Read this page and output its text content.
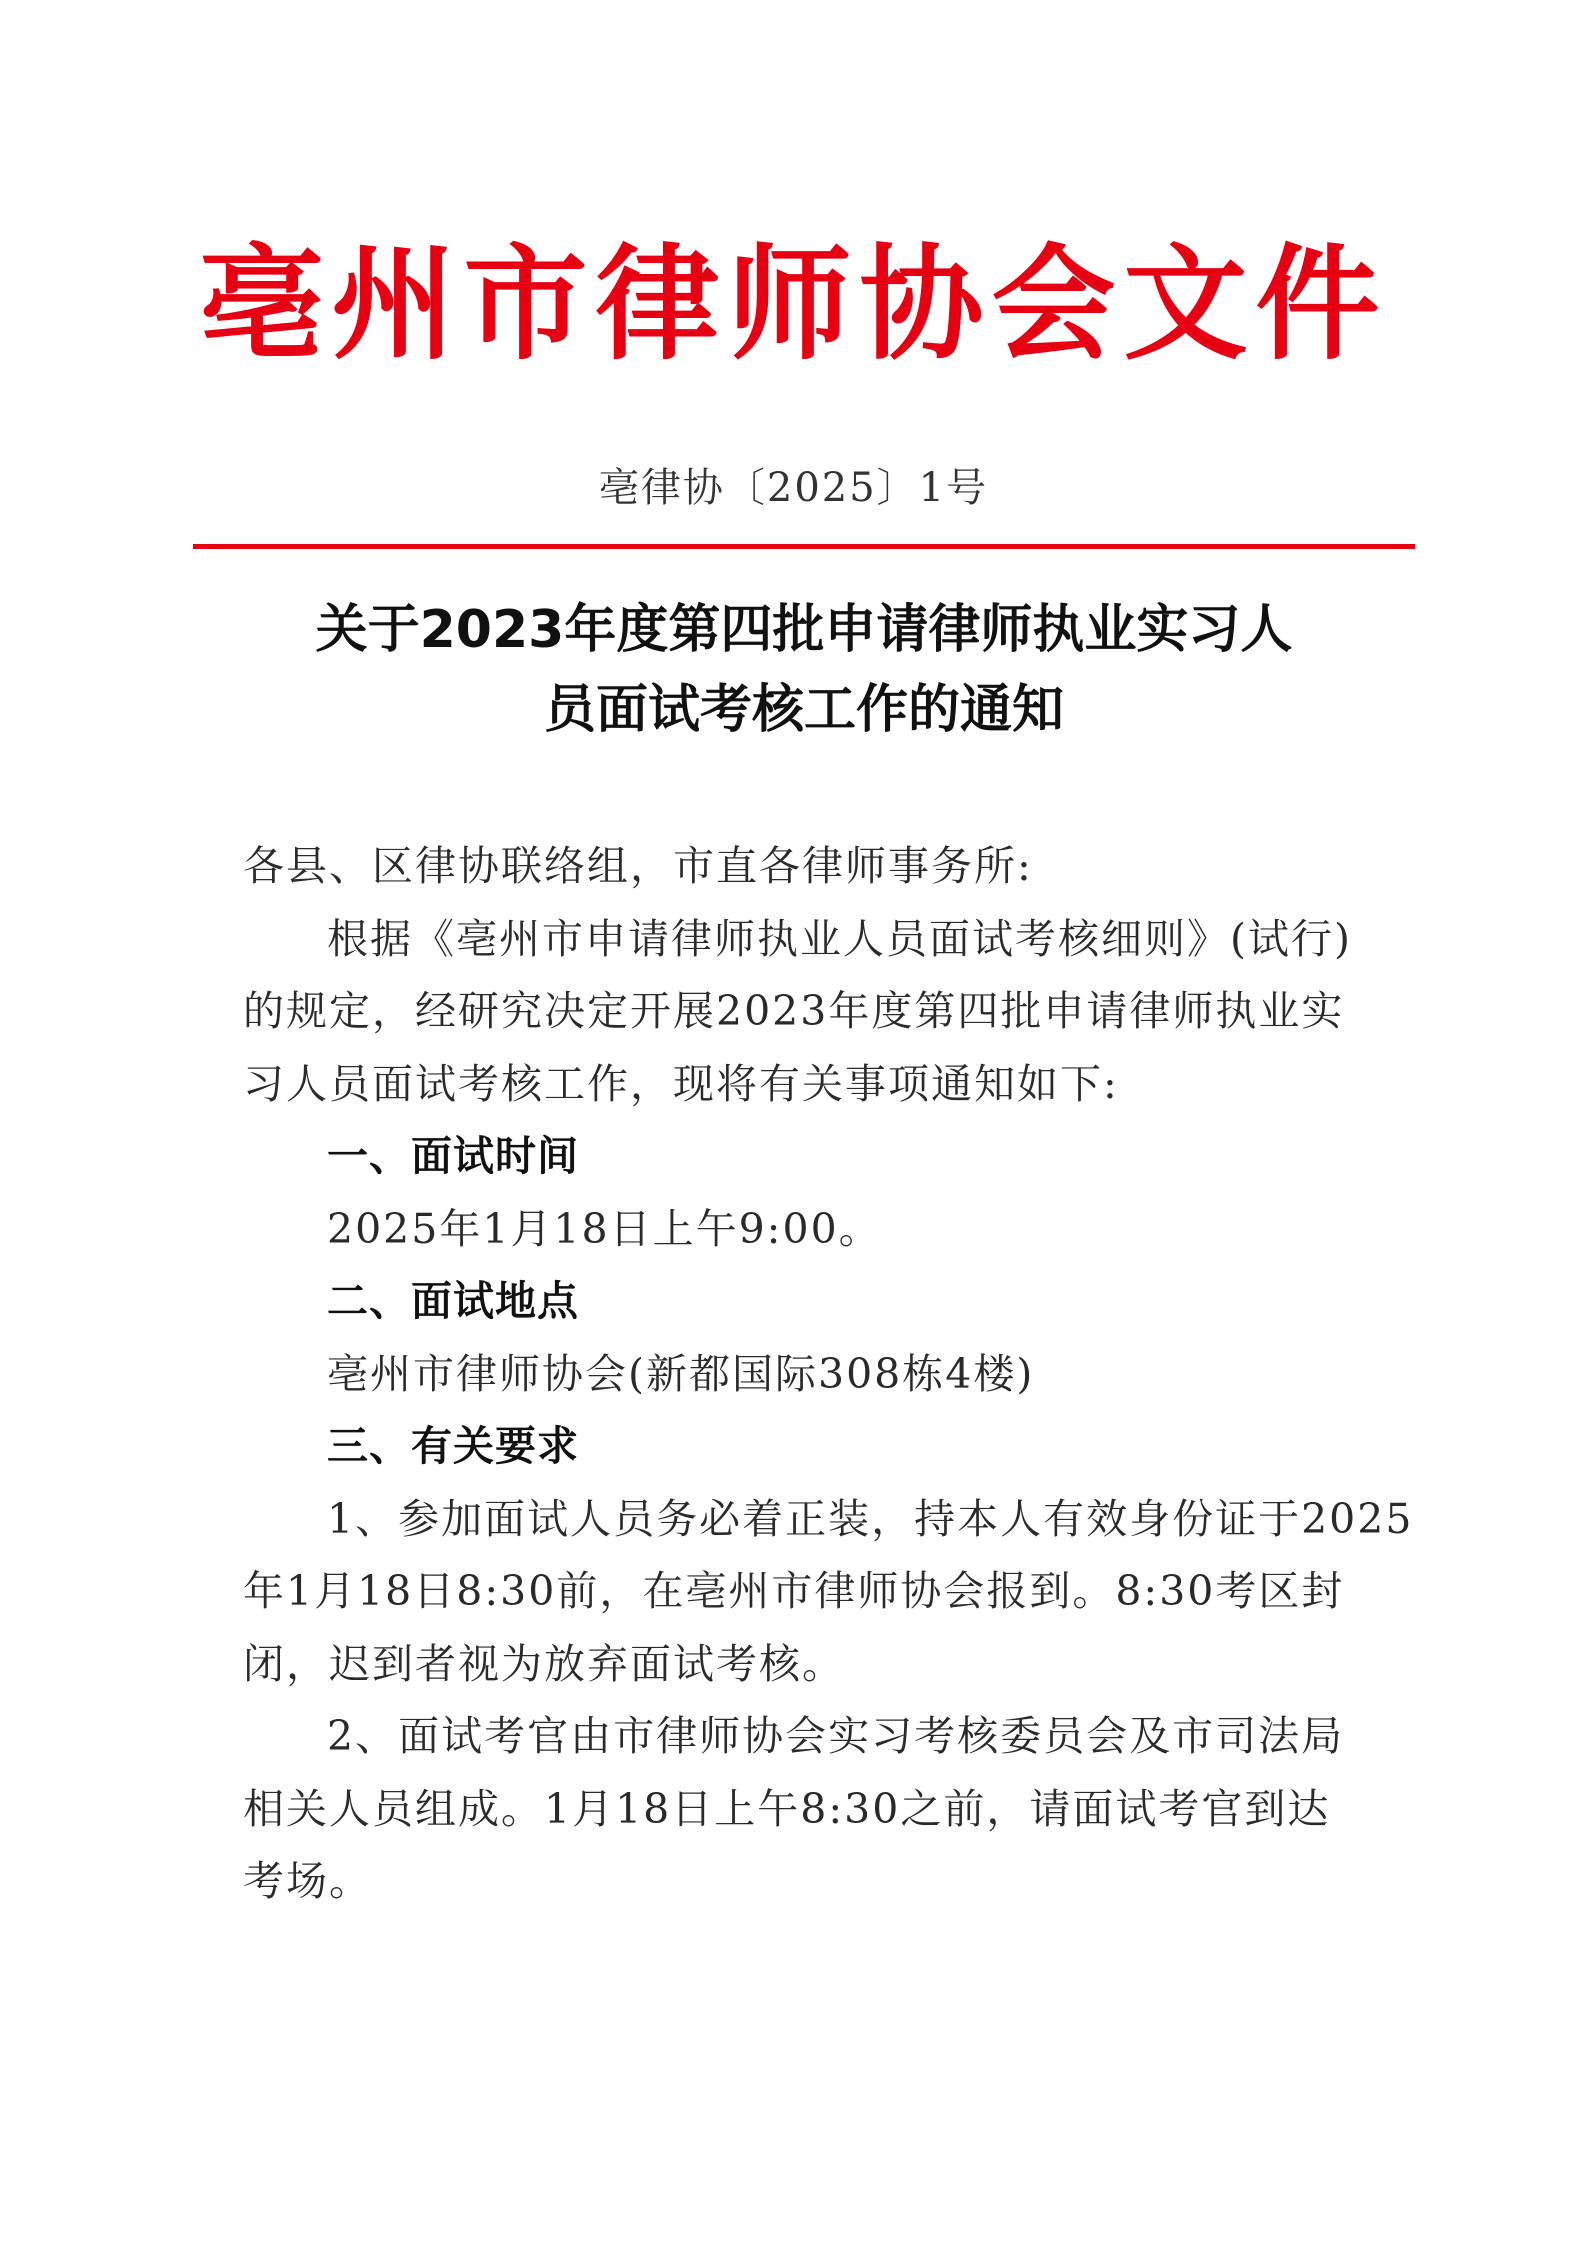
亳州市律师协会文件
亳律协〔2025〕1号
关于2023年度第四批申请律师执业实习人
员面试考核工作的通知

各县、区律协联络组，市直各律师事务所:

根据《亳州市申请律师执业人员面试考核细则》(试行)

的规定，经研究决定开展2023年度第四批申请律师执业实

习人员面试考核工作，现将有关事项通知如下:

一、面试时间

2025年1月18日上午9:00。

二、面试地点

亳州市律师协会(新都国际308栋4楼)

三、有关要求

1、参加面试人员务必着正装，持本人有效身份证于2025

年1月18日8:30前，在亳州市律师协会报到。8:30考区封

闭，迟到者视为放弃面试考核。

2、面试考官由市律师协会实习考核委员会及市司法局

相关人员组成。1月18日上午8:30之前，请面试考官到达

考场。
